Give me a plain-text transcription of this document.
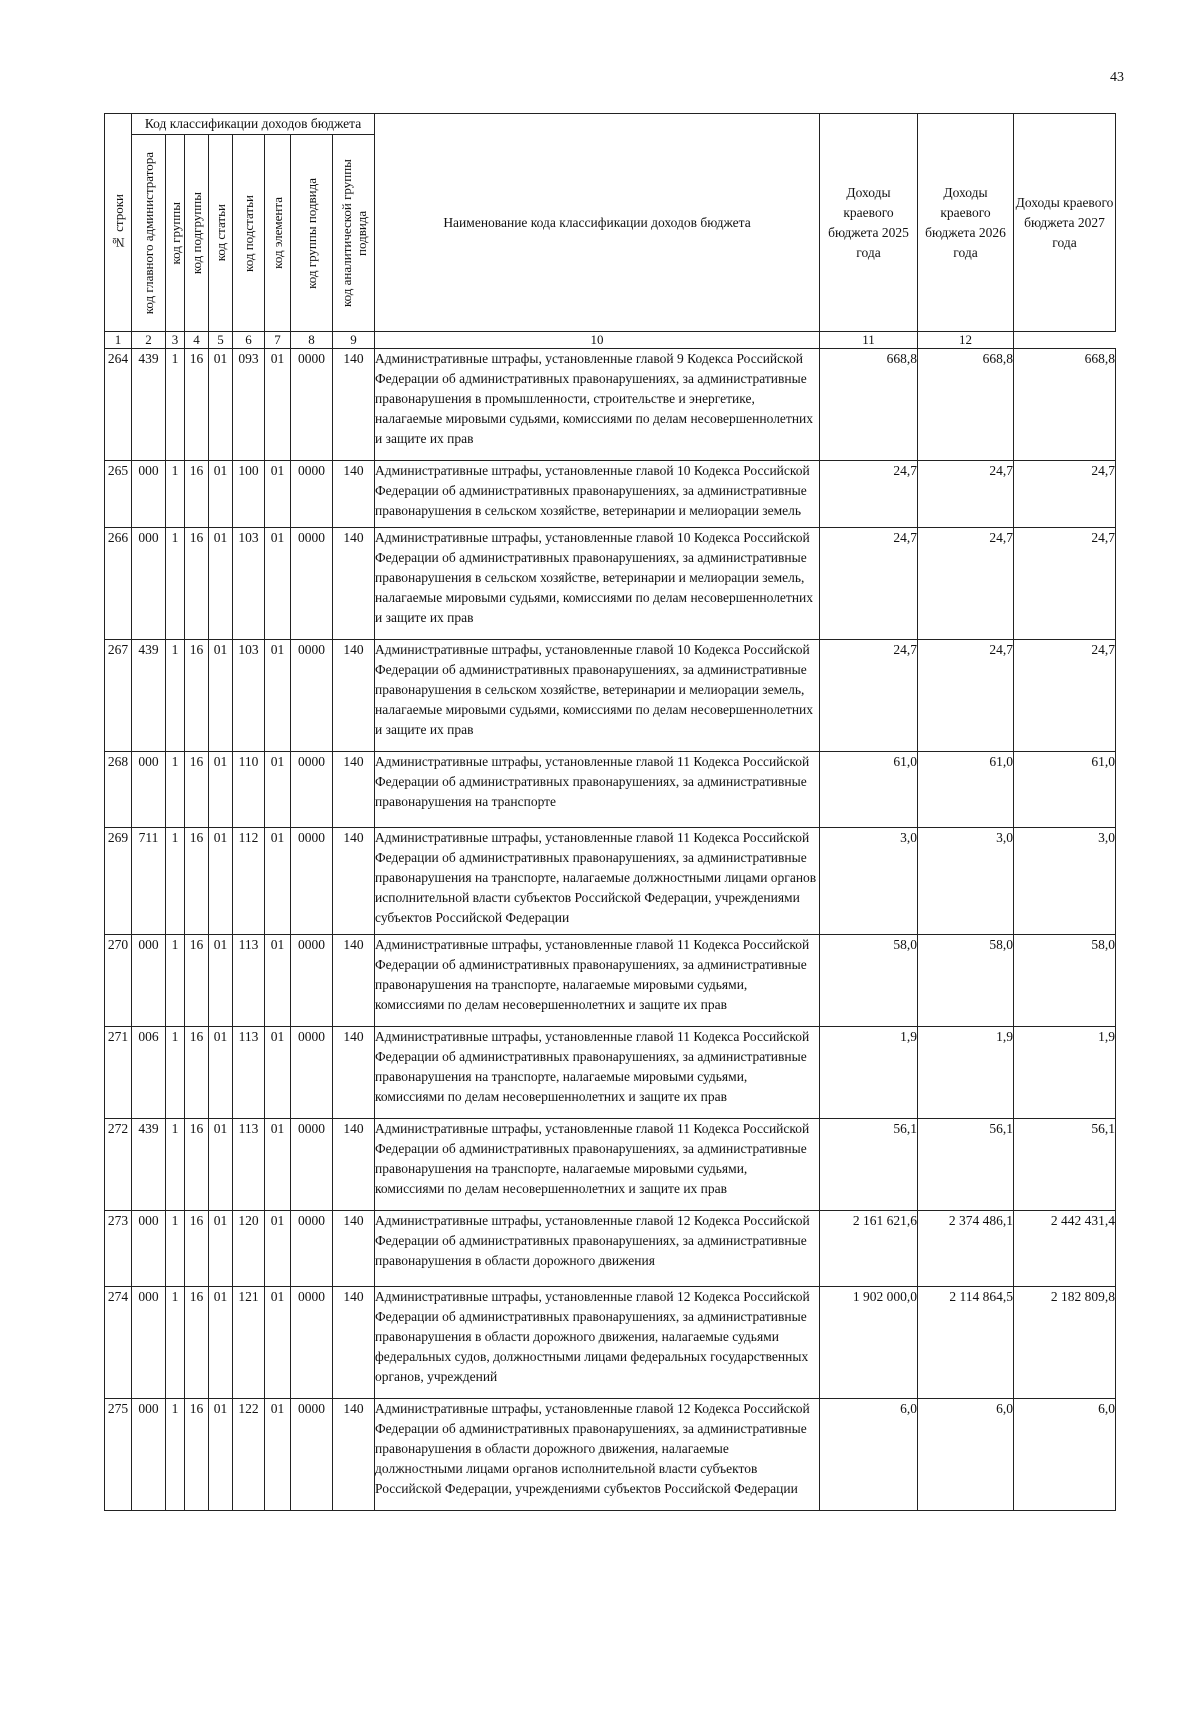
43
№ строки	Код классификации доходов бюджета								Наименование кода классификации доходов бюджета	Доходы краевого бюджета 2025 года	Доходы краевого бюджета 2026 года	Доходы краевого бюджета 2027 года

	код главного администратора	код группы	код подгруппы	код статьи	код подстатьи	код элемента	код группы подвида	код аналитической группы подвида				

1	2	3	4	5	6	7	8	9	10	11	12	
264	439	1	16	01	093	01	0000	140	Административные штрафы, установленные главой 9 Кодекса Российской Федерации об административных правонарушениях, за административные правонарушения в промышленности, строительстве и энергетике, налагаемые мировыми судьями, комиссиями по делам несовершеннолетних и защите их прав	668,8	668,8	668,8
265	000	1	16	01	100	01	0000	140	Административные штрафы, установленные главой 10 Кодекса Российской Федерации об административных правонарушениях, за административные правонарушения в сельском хозяйстве, ветеринарии и мелиорации земель	24,7	24,7	24,7
266	000	1	16	01	103	01	0000	140	Административные штрафы, установленные главой 10 Кодекса Российской Федерации об административных правонарушениях, за административные правонарушения в сельском хозяйстве, ветеринарии и мелиорации земель, налагаемые мировыми судьями, комиссиями по делам несовершеннолетних и защите их прав	24,7	24,7	24,7
267	439	1	16	01	103	01	0000	140	Административные штрафы, установленные главой 10 Кодекса Российской Федерации об административных правонарушениях, за административные правонарушения в сельском хозяйстве, ветеринарии и мелиорации земель, налагаемые мировыми судьями, комиссиями по делам несовершеннолетних и защите их прав	24,7	24,7	24,7
268	000	1	16	01	110	01	0000	140	Административные штрафы, установленные главой 11 Кодекса Российской Федерации об административных правонарушениях, за административные правонарушения на транспорте	61,0	61,0	61,0
269	711	1	16	01	112	01	0000	140	Административные штрафы, установленные главой 11 Кодекса Российской Федерации об административных правонарушениях, за административные правонарушения на транспорте, налагаемые должностными лицами органов исполнительной власти субъектов Российской Федерации, учреждениями субъектов Российской Федерации	3,0	3,0	3,0
270	000	1	16	01	113	01	0000	140	Административные штрафы, установленные главой 11 Кодекса Российской Федерации об административных правонарушениях, за административные правонарушения на транспорте, налагаемые мировыми судьями, комиссиями по делам несовершеннолетних и защите их прав	58,0	58,0	58,0
271	006	1	16	01	113	01	0000	140	Административные штрафы, установленные главой 11 Кодекса Российской Федерации об административных правонарушениях, за административные правонарушения на транспорте, налагаемые мировыми судьями, комиссиями по делам несовершеннолетних и защите их прав	1,9	1,9	1,9
272	439	1	16	01	113	01	0000	140	Административные штрафы, установленные главой 11 Кодекса Российской Федерации об административных правонарушениях, за административные правонарушения на транспорте, налагаемые мировыми судьями, комиссиями по делам несовершеннолетних и защите их прав	56,1	56,1	56,1
273	000	1	16	01	120	01	0000	140	Административные штрафы, установленные главой 12 Кодекса Российской Федерации об административных правонарушениях, за административные правонарушения в области дорожного движения	2 161 621,6	2 374 486,1	2 442 431,4
274	000	1	16	01	121	01	0000	140	Административные штрафы, установленные главой 12 Кодекса Российской Федерации об административных правонарушениях, за административные правонарушения в области дорожного движения, налагаемые судьями федеральных судов, должностными лицами федеральных государственных органов, учреждений	1 902 000,0	2 114 864,5	2 182 809,8
275	000	1	16	01	122	01	0000	140	Административные штрафы, установленные главой 12 Кодекса Российской Федерации об административных правонарушениях, за административные правонарушения в области дорожного движения, налагаемые должностными лицами органов исполнительной власти субъектов Российской Федерации, учреждениями субъектов Российской Федерации	6,0	6,0	6,0
